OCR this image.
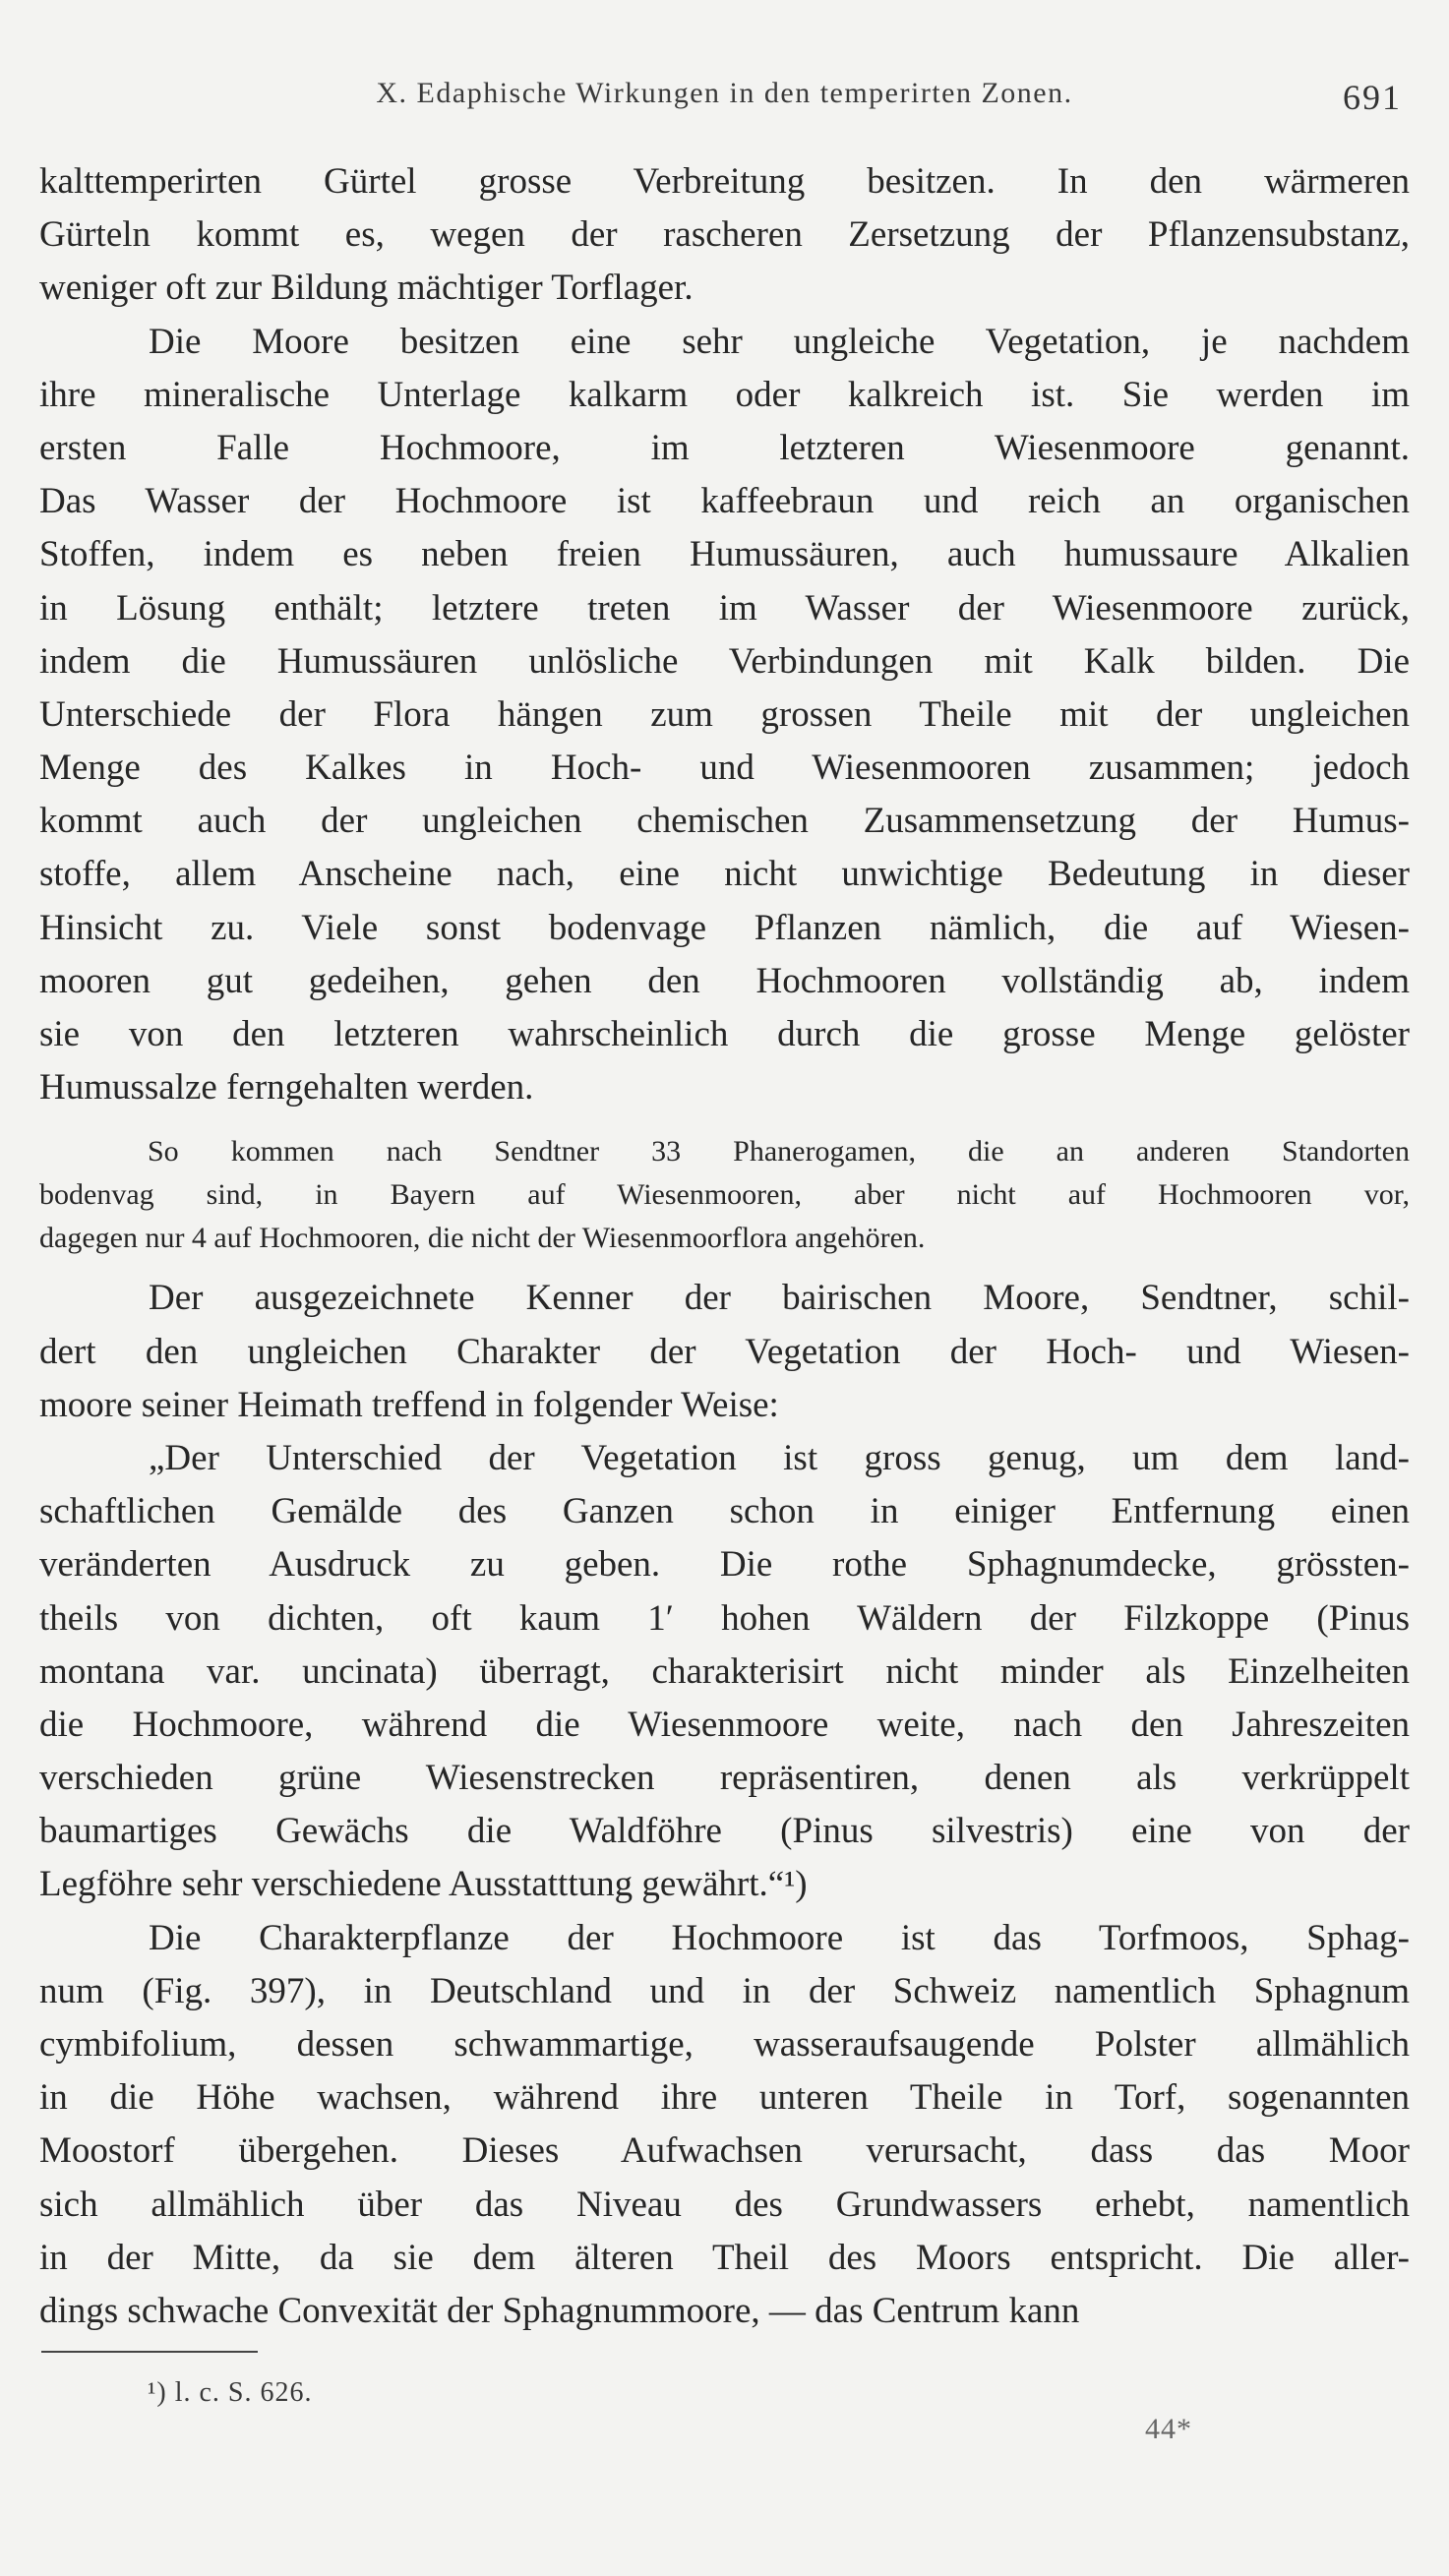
X. Edaphische Wirkungen in den temperirten Zonen.	691
kalttemperirten Gürtel grosse Verbreitung besitzen. In den wärmeren
Gürteln kommt es, wegen der rascheren Zersetzung der Pflanzensubstanz,
weniger oft zur Bildung mächtiger Torflager.
Die Moore besitzen eine sehr ungleiche Vegetation, je nachdem
ihre mineralische Unterlage kalkarm oder kalkreich ist. Sie werden im
ersten Falle Hochmoore, im letzteren Wiesenmoore genannt.
Das Wasser der Hochmoore ist kaffeebraun und reich an organischen
Stoffen, indem es neben freien Humussäuren, auch humussaure Alkalien
in Lösung enthält; letztere treten im Wasser der Wiesenmoore zurück,
indem die Humussäuren unlösliche Verbindungen mit Kalk bilden. Die
Unterschiede der Flora hängen zum grossen Theile mit der ungleichen
Menge des Kalkes in Hoch- und Wiesenmooren zusammen; jedoch
kommt auch der ungleichen chemischen Zusammensetzung der Humus-
stoffe, allem Anscheine nach, eine nicht unwichtige Bedeutung in dieser
Hinsicht zu. Viele sonst bodenvage Pflanzen nämlich, die auf Wiesen-
mooren gut gedeihen, gehen den Hochmooren vollständig ab, indem
sie von den letzteren wahrscheinlich durch die grosse Menge gelöster
Humussalze ferngehalten werden.
So kommen nach Sendtner 33 Phanerogamen, die an anderen Standorten
bodenvag sind, in Bayern auf Wiesenmooren, aber nicht auf Hochmooren vor,
dagegen nur 4 auf Hochmooren, die nicht der Wiesenmoorflora angehören.
Der ausgezeichnete Kenner der bairischen Moore, Sendtner, schil-
dert den ungleichen Charakter der Vegetation der Hoch- und Wiesen-
moore seiner Heimath treffend in folgender Weise:
„Der Unterschied der Vegetation ist gross genug, um dem land-
schaftlichen Gemälde des Ganzen schon in einiger Entfernung einen
veränderten Ausdruck zu geben. Die rothe Sphagnumdecke, grössten-
theils von dichten, oft kaum 1′ hohen Wäldern der Filzkoppe (Pinus
montana var. uncinata) überragt, charakterisirt nicht minder als Einzelheiten
die Hochmoore, während die Wiesenmoore weite, nach den Jahreszeiten
verschieden grüne Wiesenstrecken repräsentiren, denen als verkrüppelt
baumartiges Gewächs die Waldföhre (Pinus silvestris) eine von der
Legföhre sehr verschiedene Ausstatttung gewährt.“¹)
Die Charakterpflanze der Hochmoore ist das Torfmoos, Sphag-
num (Fig. 397), in Deutschland und in der Schweiz namentlich Sphagnum
cymbifolium, dessen schwammartige, wasseraufsaugende Polster allmählich
in die Höhe wachsen, während ihre unteren Theile in Torf, sogenannten
Moostorf übergehen. Dieses Aufwachsen verursacht, dass das Moor
sich allmählich über das Niveau des Grundwassers erhebt, namentlich
in der Mitte, da sie dem älteren Theil des Moors entspricht. Die aller-
dings schwache Convexität der Sphagnummoore, — das Centrum kann
¹) l. c. S. 626.
44*
